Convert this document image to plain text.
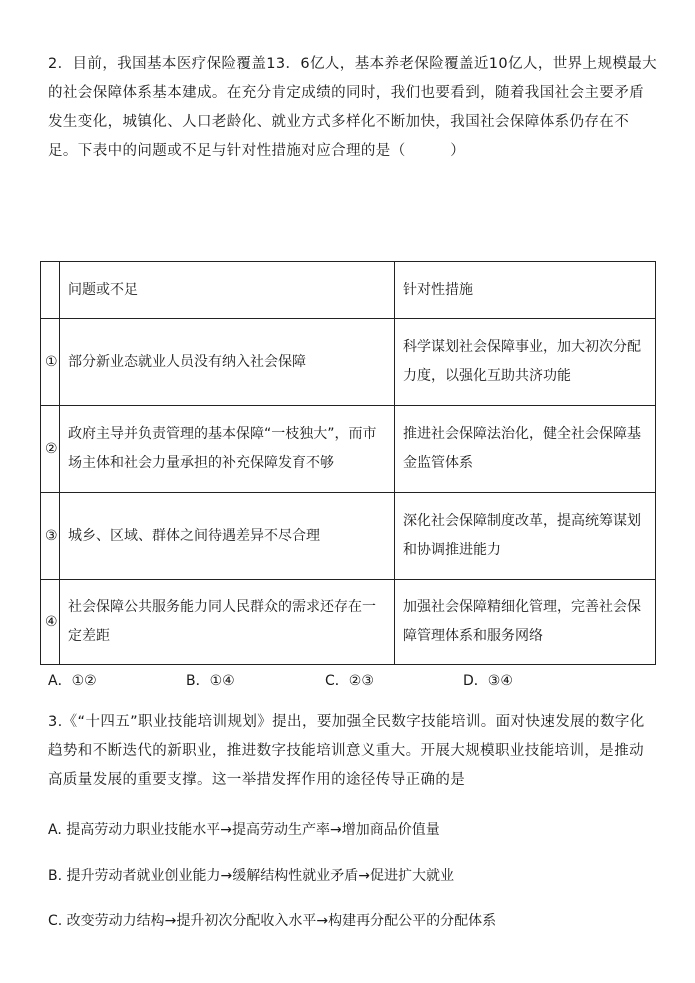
2．目前，我国基本医疗保险覆盖13．6亿人，基本养老保险覆盖近10亿人，世界上规模最大的社会保障体系基本建成。在充分肯定成绩的同时，我们也要看到，随着我国社会主要矛盾发生变化，城镇化、人口老龄化、就业方式多样化不断加快，我国社会保障体系仍存在不足。下表中的问题或不足与针对性措施对应合理的是（　　　）
	问题或不足	针对性措施
①	部分新业态就业人员没有纳入社会保障	科学谋划社会保障事业，加大初次分配力度，以强化互助共济功能
②	政府主导并负责管理的基本保障“一枝独大”，而市场主体和社会力量承担的补充保障发育不够	推进社会保障法治化，健全社会保障基金监管体系
③	城乡、区域、群体之间待遇差异不尽合理	深化社会保障制度改革，提高统筹谋划和协调推进能力
④	社会保障公共服务能力同人民群众的需求还存在一定差距	加强社会保障精细化管理，完善社会保障管理体系和服务网络
A．①②	B．①④	C．②③	D．③④
3.《“十四五”职业技能培训规划》提出，要加强全民数字技能培训。面对快速发展的数字化趋势和不断迭代的新职业，推进数字技能培训意义重大。开展大规模职业技能培训，是推动高质量发展的重要支撑。这一举措发挥作用的途径传导正确的是
A. 提高劳动力职业技能水平→提高劳动生产率→增加商品价值量
B. 提升劳动者就业创业能力→缓解结构性就业矛盾→促进扩大就业
C. 改变劳动力结构→提升初次分配收入水平→构建再分配公平的分配体系
